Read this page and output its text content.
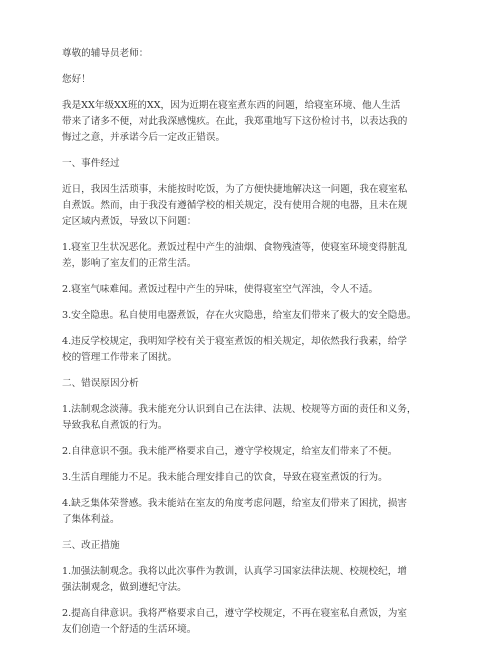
尊敬的辅导员老师：
您好！
我是XX年级XX班的XX，因为近期在寝室煮东西的问题，给寝室环境、他人生活
带来了诸多不便，对此我深感愧疚。在此，我郑重地写下这份检讨书，以表达我的
悔过之意，并承诺今后一定改正错误。
一、事件经过
近日，我因生活琐事，未能按时吃饭，为了方便快捷地解决这一问题，我在寝室私
自煮饭。然而，由于我没有遵循学校的相关规定，没有使用合规的电器，且未在规
定区域内煮饭，导致以下问题：
1.寝室卫生状况恶化。煮饭过程中产生的油烟、食物残渣等，使寝室环境变得脏乱
差，影响了室友们的正常生活。
2.寝室气味难闻。煮饭过程中产生的异味，使得寝室空气浑浊，令人不适。
3.安全隐患。私自使用电器煮饭，存在火灾隐患，给室友们带来了极大的安全隐患。
4.违反学校规定，我明知学校有关于寝室煮饭的相关规定，却依然我行我素，给学
校的管理工作带来了困扰。
二、错误原因分析
1.法制观念淡薄。我未能充分认识到自己在法律、法规、校规等方面的责任和义务，
导致我私自煮饭的行为。
2.自律意识不强。我未能严格要求自己，遵守学校规定，给室友们带来了不便。
3.生活自理能力不足。我未能合理安排自己的饮食，导致在寝室煮饭的行为。
4.缺乏集体荣誉感。我未能站在室友的角度考虑问题，给室友们带来了困扰，损害
了集体利益。
三、改正措施
1.加强法制观念。我将以此次事件为教训，认真学习国家法律法规、校规校纪，增
强法制观念，做到遵纪守法。
2.提高自律意识。我将严格要求自己，遵守学校规定，不再在寝室私自煮饭，为室
友们创造一个舒适的生活环境。
